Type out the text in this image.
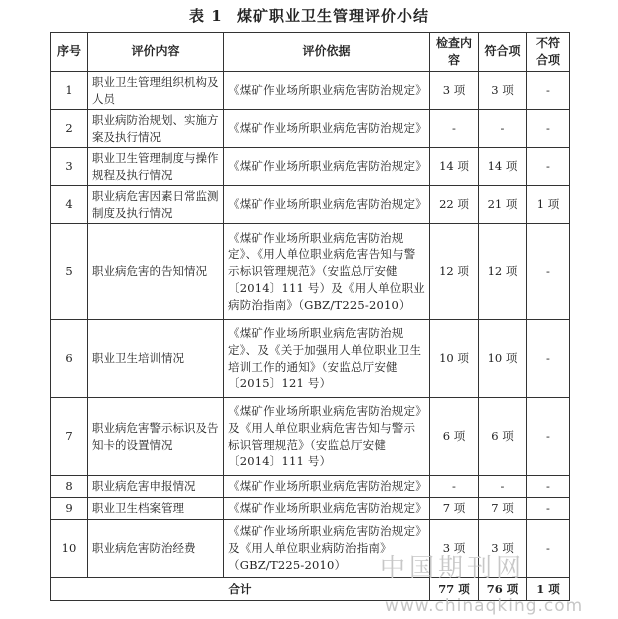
表 1 煤矿职业卫生管理评价小结
序号	评价内容	评价依据	检查内容	符合项	不符合项
1	职业卫生管理组织机构及人员	《煤矿作业场所职业病危害防治规定》	3 项	3 项	-
2	职业病防治规划、实施方案及执行情况	《煤矿作业场所职业病危害防治规定》	-	-	-
3	职业卫生管理制度与操作规程及执行情况	《煤矿作业场所职业病危害防治规定》	14 项	14 项	-
4	职业病危害因素日常监测制度及执行情况	《煤矿作业场所职业病危害防治规定》	22 项	21 项	1 项
5	职业病危害的告知情况	《煤矿作业场所职业病危害防治规定》、《用人单位职业病危害告知与警示标识管理规范》（安监总厅安健〔2014〕111 号）及《用人单位职业病防治指南》（GBZ/T225-2010）	12 项	12 项	-
6	职业卫生培训情况	《煤矿作业场所职业病危害防治规定》、及《关于加强用人单位职业卫生培训工作的通知》（安监总厅安健〔2015〕121 号）	10 项	10 项	-
7	职业病危害警示标识及告知卡的设置情况	《煤矿作业场所职业病危害防治规定》及《用人单位职业病危害告知与警示标识管理规范》（安监总厅安健〔2014〕111 号）	6 项	6 项	-
8	职业病危害申报情况	《煤矿作业场所职业病危害防治规定》	-	-	-
9	职业卫生档案管理	《煤矿作业场所职业病危害防治规定》	7 项	7 项	-
10	职业病危害防治经费	《煤矿作业场所职业病危害防治规定》及《用人单位职业病防治指南》（GBZ/T225-2010）	3 项	3 项	-
合计			77 项	76 项	1 项
中国期刊网
www.chinaqking.com
